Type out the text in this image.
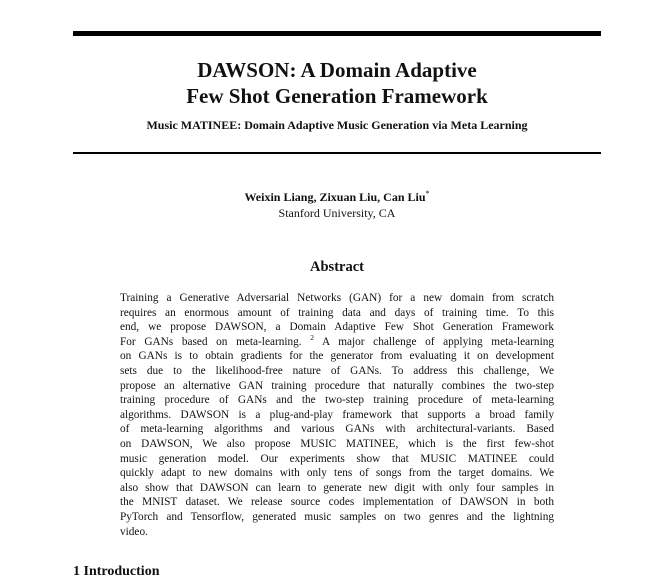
DAWSON: A Domain Adaptive
Few Shot Generation Framework
Music MATINEE: Domain Adaptive Music Generation via Meta Learning
Weixin Liang, Zixuan Liu, Can Liu*
Stanford University, CA
Abstract
Training a Generative Adversarial Networks (GAN) for a new domain from scratch
requires an enormous amount of training data and days of training time. To this
end, we propose DAWSON, a Domain Adaptive Few Shot Generation Framework
For GANs based on meta-learning. $^2$ A major challenge of applying meta-learning
on GANs is to obtain gradients for the generator from evaluating it on development
sets due to the likelihood-free nature of GANs. To address this challenge, We
propose an alternative GAN training procedure that naturally combines the two-step
training procedure of GANs and the two-step training procedure of meta-learning
algorithms. DAWSON is a plug-and-play framework that supports a broad family
of meta-learning algorithms and various GANs with architectural-variants. Based
on DAWSON, We also propose MUSIC MATINEE, which is the first few-shot
music generation model. Our experiments show that MUSIC MATINEE could
quickly adapt to new domains with only tens of songs from the target domains. We
also show that DAWSON can learn to generate new digit with only four samples in
the MNIST dataset. We release source codes implementation of DAWSON in both
PyTorch and Tensorflow, generated music samples on two genres and the lightning
video.
1 Introduction
